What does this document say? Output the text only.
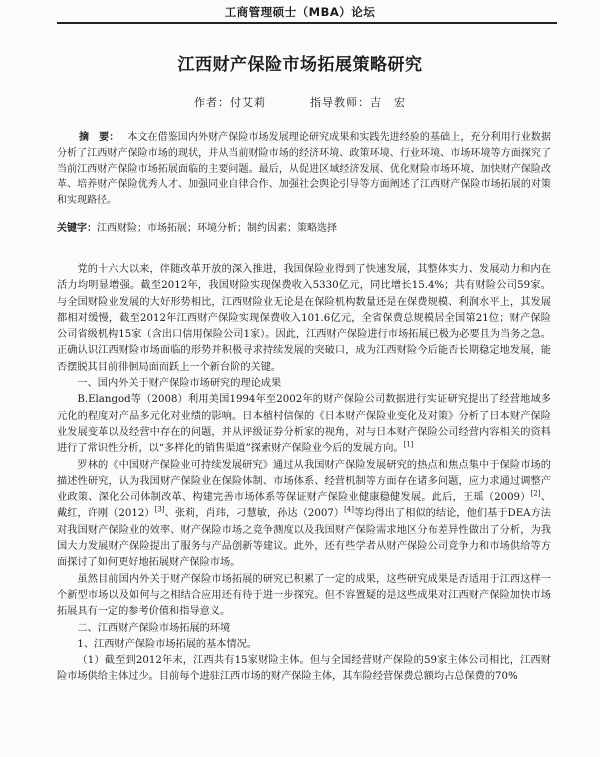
工商管理硕士（MBA）论坛
江西财产保险市场拓展策略研究
作者：付艾莉	指导教师：吉　宏
摘　要： 本文在借鉴国内外财产保险市场发展理论研究成果和实践先进经验的基础上，充分利用行业数据分析了江西财产保险市场的现状，并从当前财险市场的经济环境、政策环境、行业环境、市场环境等方面探究了当前江西财产保险市场拓展面临的主要问题。最后，从促进区域经济发展、优化财险市场环境、加快财产保险改革、培养财产保险优秀人才、加强同业自律合作、加强社会舆论引导等方面阐述了江西财产保险市场拓展的对策和实现路径。
关键字：江西财险；市场拓展；环境分析；制约因素；策略选择

党的十六大以来，伴随改革开放的深入推进，我国保险业得到了快速发展，其整体实力、发展动力和内在活力均明显增强。截至2012年，我国财险实现保费收入5330亿元，同比增长15.4%；共有财险公司59家。与全国财险业发展的大好形势相比，江西财险业无论是在保险机构数量还是在保费规模、利润水平上，其发展都相对缓慢，截至2012年江西财产保险实现保费收入101.6亿元，全省保费总规模居全国第21位；财产保险公司省级机构15家（含出口信用保险公司1家）。因此，江西财产保险进行市场拓展已极为必要且为当务之急。正确认识江西财险市场面临的形势并积极寻求持续发展的突破口，成为江西财险今后能否长期稳定地发展，能否摆脱其目前徘徊局面而跃上一个新台阶的关键。

一、国内外关于财产保险市场研究的理论成果

B.Elangod等（2008）利用美国1994年至2002年的财产保险公司数据进行实证研究提出了经营地域多元化的程度对产品多元化对业绩的影响。日本植村信保的《日本财产保险业变化及对策》分析了日本财产保险业发展变革以及经营中存在的问题，并从评级证券分析家的视角，对与日本财产保险公司经营内容相关的资料进行了常识性分析，以“多样化的销售渠道”探索财产保险业今后的发展方向。[1]

罗林的《中国财产保险业可持续发展研究》通过从我国财产保险发展研究的热点和焦点集中于保险市场的描述性研究，认为我国财产保险业在保险体制、市场体系、经营机制等方面存在诸多问题，应力求通过调整产业政策、深化公司体制改革、构建完善市场体系等保证财产保险业健康稳健发展。此后，王瑶（2009）[2]、戴红，许刚（2012）[3]、张莉，肖玮，刁慧敏，孙达（2007）[4]等均得出了相似的结论，他们基于DEA方法对我国财产保险业的效率、财产保险市场之竞争测度以及我国财产保险需求地区分布差异性做出了分析，为我国大力发展财产保险提出了服务与产品创新等建议。此外，还有些学者从财产保险公司竞争力和市场供给等方面探讨了如何更好地拓展财产保险市场。

虽然目前国内外关于财产保险市场拓展的研究已积累了一定的成果，这些研究成果是否适用于江西这样一个新型市场以及如何与之相结合应用还有待于进一步探究。但不容置疑的是这些成果对江西财产保险加快市场拓展具有一定的参考价值和指导意义。

二、江西财产保险市场拓展的环境
1、江西财产保险市场拓展的基本情况。

（1）截至到2012年末，江西共有15家财险主体。但与全国经营财产保险的59家主体公司相比，江西财险市场供给主体过少。目前每个进驻江西市场的财产保险主体，其车险经营保费总额均占总保费的70%
